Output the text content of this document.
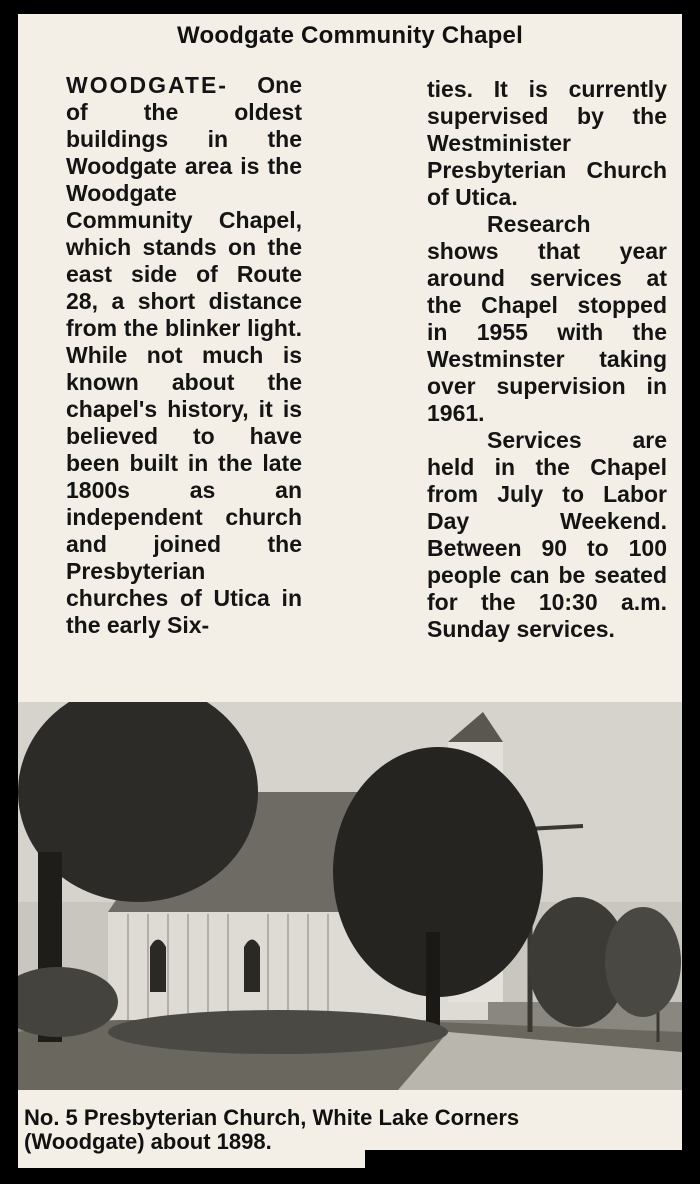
Woodgate Community Chapel

WOODGATE- One of the oldest buildings in the Woodgate area is the Woodgate Community Chapel, which stands on the east side of Route 28, a short distance from the blinker light. While not much is known about the chapel's history, it is believed to have been built in the late 1800s as an independent church and joined the Presbyterian churches of Utica in the early Six-

ties. It is currently supervised by the Westminister Presbyterian Church of Utica.

Research shows that year around services at the Chapel stopped in 1955 with the Westminster taking over supervision in 1961.

Services are held in the Chapel from July to Labor Day Weekend. Between 90 to 100 people can be seated for the 10:30 a.m. Sunday services.

No. 5 Presbyterian Church, White Lake Corners
(Woodgate) about 1898.
